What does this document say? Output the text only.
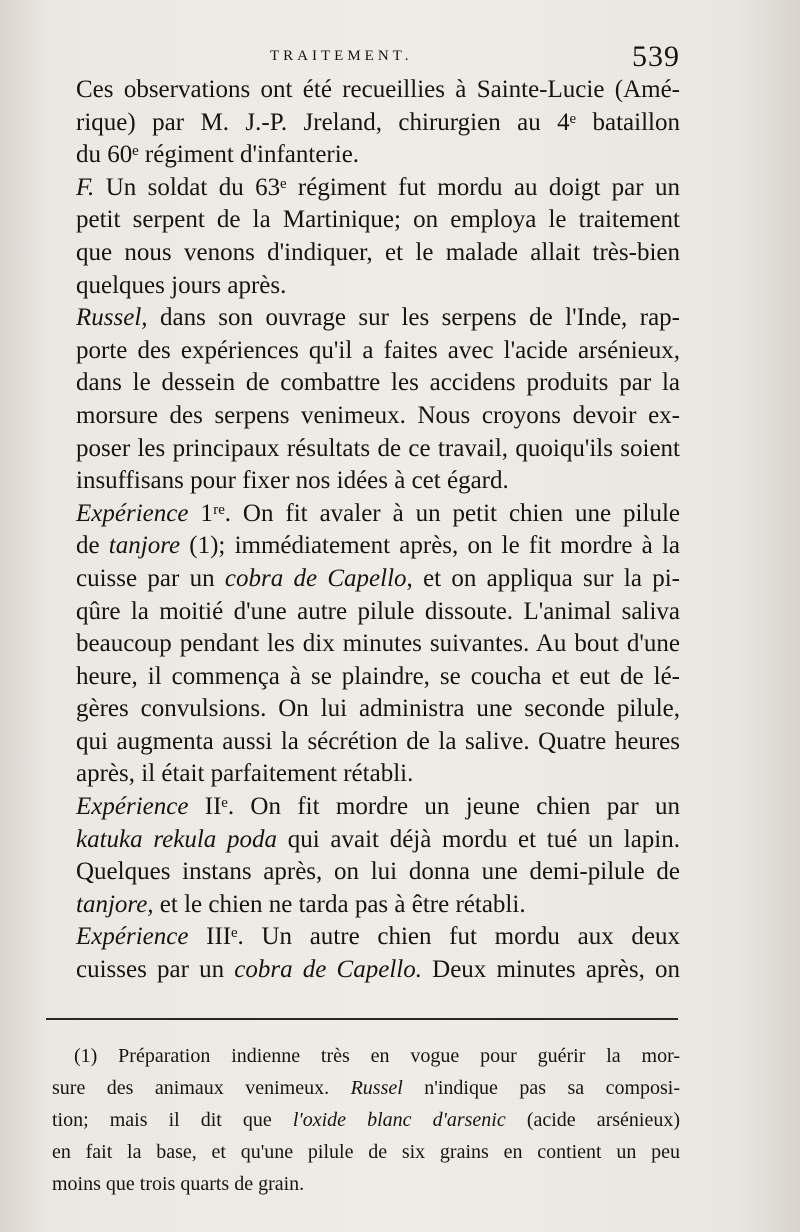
TRAITEMENT.	539
Ces observations ont été recueillies à Sainte-Lucie (Amé-
rique) par M. J.-P. Jreland, chirurgien au 4ᵉ bataillon
du 60ᵉ régiment d'infanterie.
F. Un soldat du 63ᵉ régiment fut mordu au doigt par un
petit serpent de la Martinique; on employa le traitement
que nous venons d'indiquer, et le malade allait très-bien
quelques jours après.
Russel, dans son ouvrage sur les serpens de l'Inde, rap-
porte des expériences qu'il a faites avec l'acide arsénieux,
dans le dessein de combattre les accidens produits par la
morsure des serpens venimeux. Nous croyons devoir ex-
poser les principaux résultats de ce travail, quoiqu'ils soient
insuffisans pour fixer nos idées à cet égard.
Expérience 1ʳᵉ. On fit avaler à un petit chien une pilule
de tanjore (1); immédiatement après, on le fit mordre à la
cuisse par un cobra de Capello, et on appliqua sur la pi-
qûre la moitié d'une autre pilule dissoute. L'animal saliva
beaucoup pendant les dix minutes suivantes. Au bout d'une
heure, il commença à se plaindre, se coucha et eut de lé-
gères convulsions. On lui administra une seconde pilule,
qui augmenta aussi la sécrétion de la salive. Quatre heures
après, il était parfaitement rétabli.
Expérience IIᵉ. On fit mordre un jeune chien par un
katuka rekula poda qui avait déjà mordu et tué un lapin.
Quelques instans après, on lui donna une demi-pilule de
tanjore, et le chien ne tarda pas à être rétabli.
Expérience IIIᵉ. Un autre chien fut mordu aux deux
cuisses par un cobra de Capello. Deux minutes après, on
(1) Préparation indienne très en vogue pour guérir la mor-
sure des animaux venimeux. Russel n'indique pas sa composi-
tion; mais il dit que l'oxide blanc d'arsenic (acide arsénieux)
en fait la base, et qu'une pilule de six grains en contient un peu
moins que trois quarts de grain.
